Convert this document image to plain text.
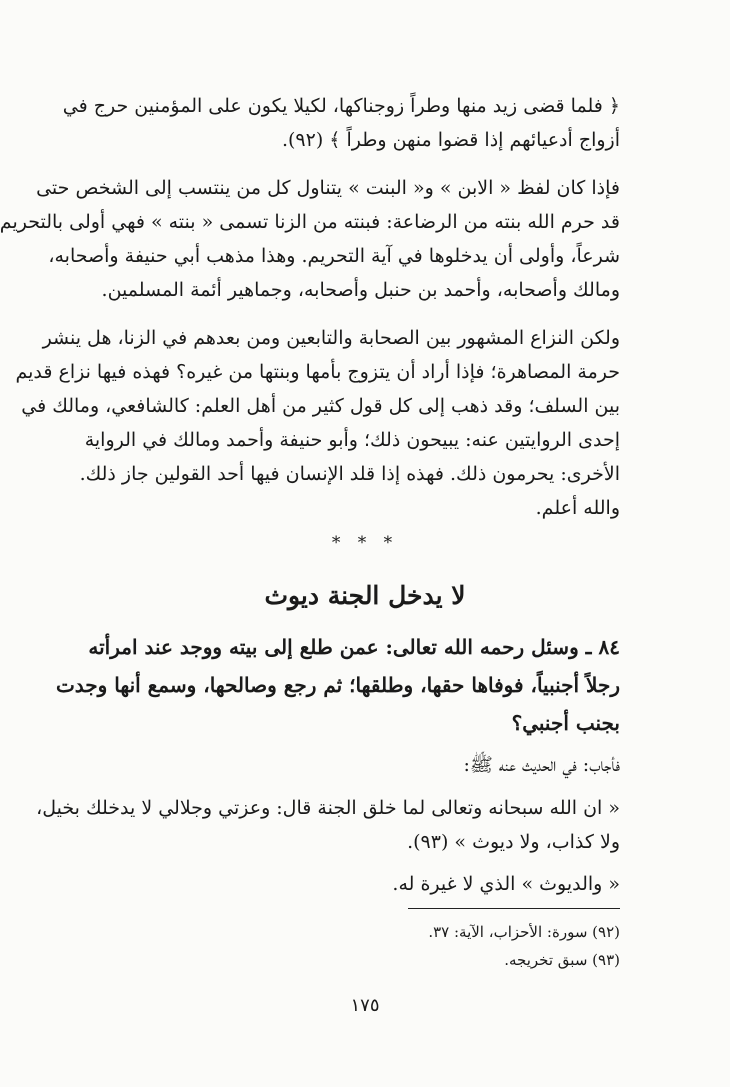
﴿ فلما قضى زيد منها وطراً زوجناكها، لكيلا يكون على المؤمنين حرج في
أزواج أدعيائهم إذا قضوا منهن وطراً ﴾ (٩٢).
فإذا كان لفظ « الابن » و« البنت » يتناول كل من ينتسب إلى الشخص حتى
قد حرم الله بنته من الرضاعة: فبنته من الزنا تسمى « بنته » فهي أولى بالتحريم
شرعاً، وأولى أن يدخلوها في آية التحريم. وهذا مذهب أبي حنيفة وأصحابه،
ومالك وأصحابه، وأحمد بن حنبل وأصحابه، وجماهير أئمة المسلمين.
ولكن النزاع المشهور بين الصحابة والتابعين ومن بعدهم في الزنا، هل ينشر
حرمة المصاهرة؛ فإذا أراد أن يتزوج بأمها وبنتها من غيره؟ فهذه فيها نزاع قديم
بين السلف؛ وقد ذهب إلى كل قول كثير من أهل العلم: كالشافعي، ومالك في
إحدى الروايتين عنه: يبيحون ذلك؛ وأبو حنيفة وأحمد ومالك في الرواية
الأخرى: يحرمون ذلك. فهذه إذا قلد الإنسان فيها أحد القولين جاز ذلك.
والله أعلم.
* * *
لا يدخل الجنة ديوث
٨٤ ـ وسئل رحمه الله تعالى: عمن طلع إلى بيته ووجد عند امرأته
رجلاً أجنبياً، فوفاها حقها، وطلقها؛ ثم رجع وصالحها، وسمع أنها وجدت
بجنب أجنبي؟
فأجاب: في الحديث عنه ﷺ:
« ان الله سبحانه وتعالى لما خلق الجنة قال: وعزتي وجلالي لا يدخلك بخيل،
ولا كذاب، ولا ديوث » (٩٣).
« والديوث » الذي لا غيرة له.
(٩٢) سورة: الأحزاب، الآية: ٣٧.
(٩٣) سبق تخريجه.
١٧٥
